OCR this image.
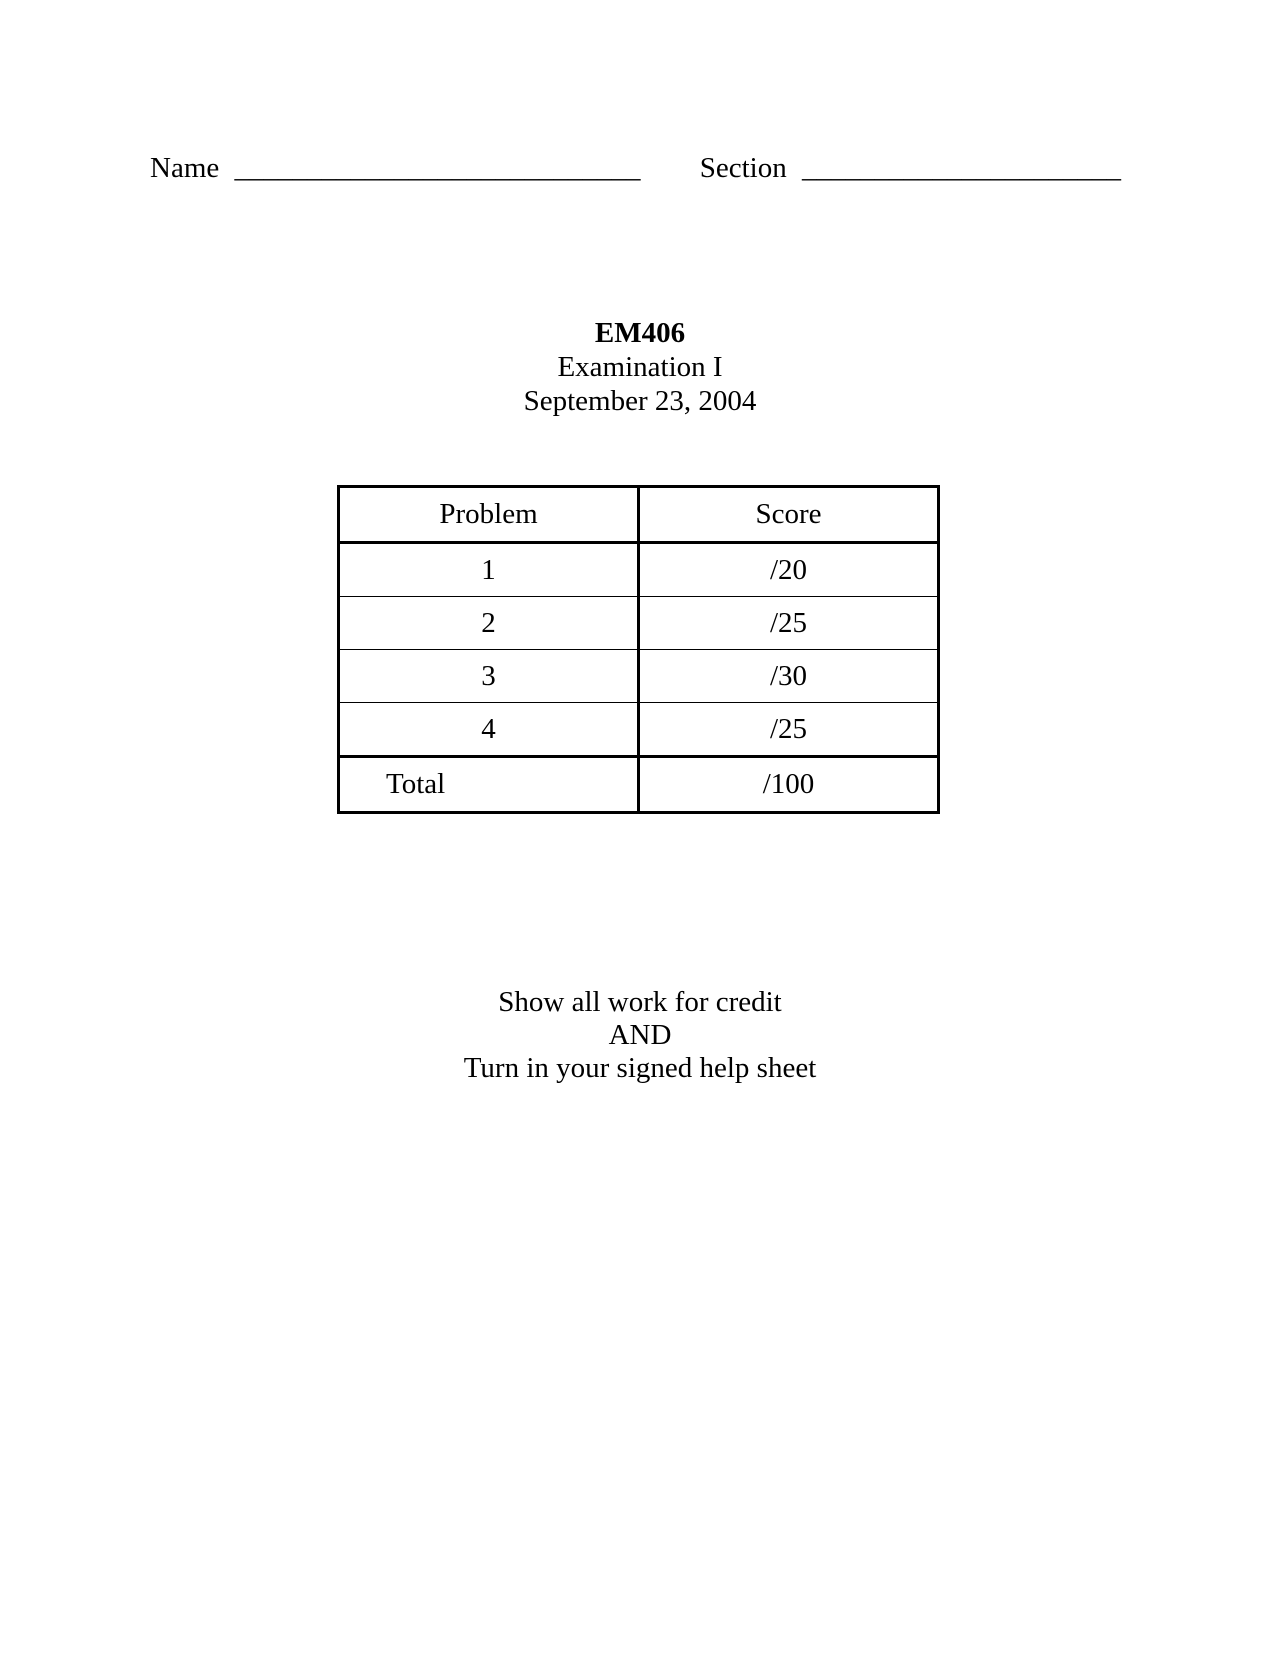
Name ____________________________ Section ______________________
EM406
Examination I
September 23, 2004
Problem	Score
1	/20
2	/25
3	/30
4	/25
Total	/100
Show all work for credit
AND
Turn in your signed help sheet
